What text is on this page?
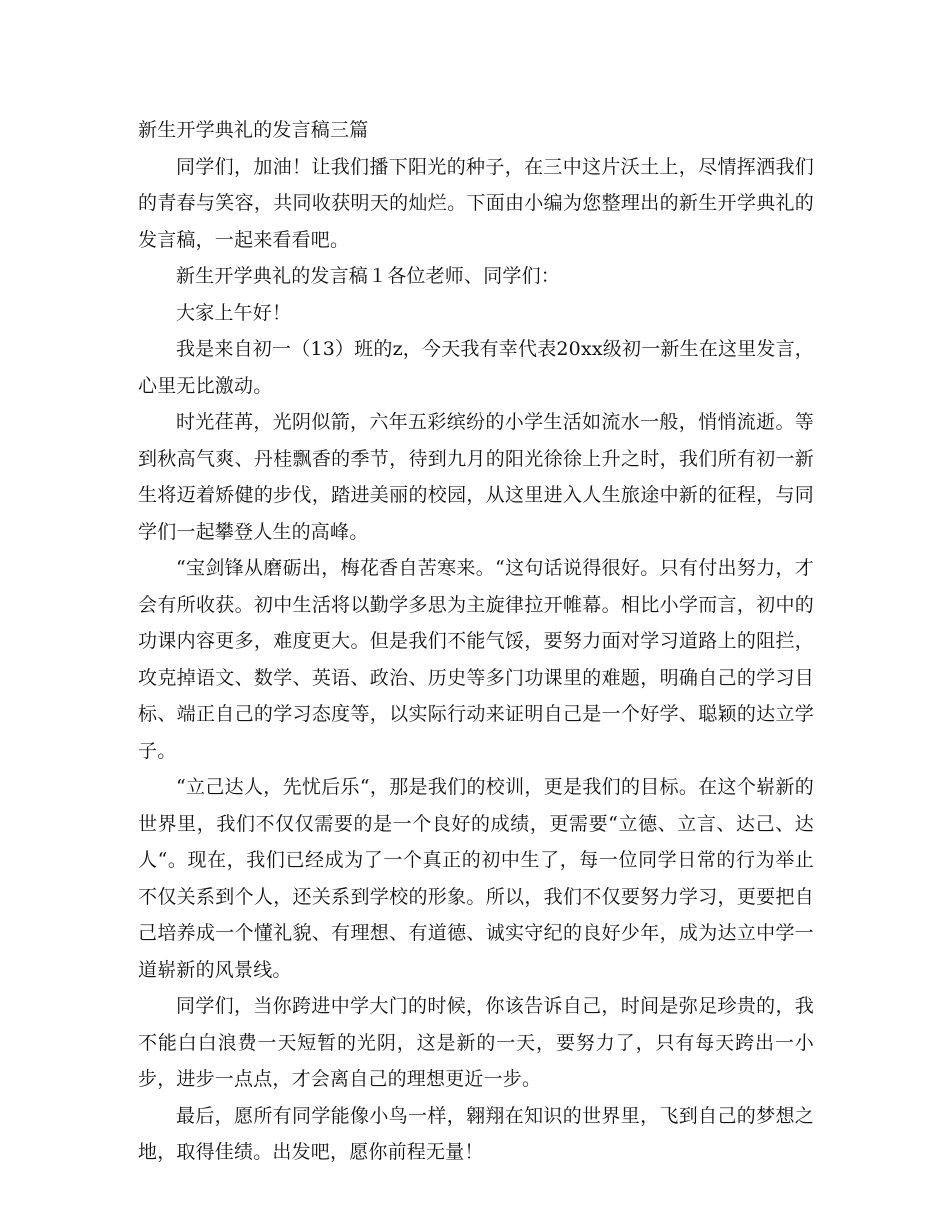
新生开学典礼的发言稿三篇

同学们，加油！让我们播下阳光的种子，在三中这片沃土上，尽情挥洒我们的青春与笑容，共同收获明天的灿烂。下面由小编为您整理出的新生开学典礼的发言稿，一起来看看吧。

新生开学典礼的发言稿１各位老师、同学们：

大家上午好！

我是来自初一（13）班的z，今天我有幸代表20xx级初一新生在这里发言，心里无比激动。

时光荏苒，光阴似箭，六年五彩缤纷的小学生活如流水一般，悄悄流逝。等到秋高气爽、丹桂飘香的季节，待到九月的阳光徐徐上升之时，我们所有初一新生将迈着矫健的步伐，踏进美丽的校园，从这里进入人生旅途中新的征程，与同学们一起攀登人生的高峰。

“宝剑锋从磨砺出，梅花香自苦寒来。“这句话说得很好。只有付出努力，才会有所收获。初中生活将以勤学多思为主旋律拉开帷幕。相比小学而言，初中的功课内容更多，难度更大。但是我们不能气馁，要努力面对学习道路上的阻拦，攻克掉语文、数学、英语、政治、历史等多门功课里的难题，明确自己的学习目标、端正自己的学习态度等，以实际行动来证明自己是一个好学、聪颖的达立学子。

“立己达人，先忧后乐“，那是我们的校训，更是我们的目标。在这个崭新的世界里，我们不仅仅需要的是一个良好的成绩，更需要“立德、立言、达己、达人“。现在，我们已经成为了一个真正的初中生了，每一位同学日常的行为举止不仅关系到个人，还关系到学校的形象。所以，我们不仅要努力学习，更要把自己培养成一个懂礼貌、有理想、有道德、诚实守纪的良好少年，成为达立中学一道崭新的风景线。

同学们，当你跨进中学大门的时候，你该告诉自己，时间是弥足珍贵的，我不能白白浪费一天短暂的光阴，这是新的一天，要努力了，只有每天跨出一小步，进步一点点，才会离自己的理想更近一步。

最后，愿所有同学能像小鸟一样，翱翔在知识的世界里，飞到自己的梦想之地，取得佳绩。出发吧，愿你前程无量！
